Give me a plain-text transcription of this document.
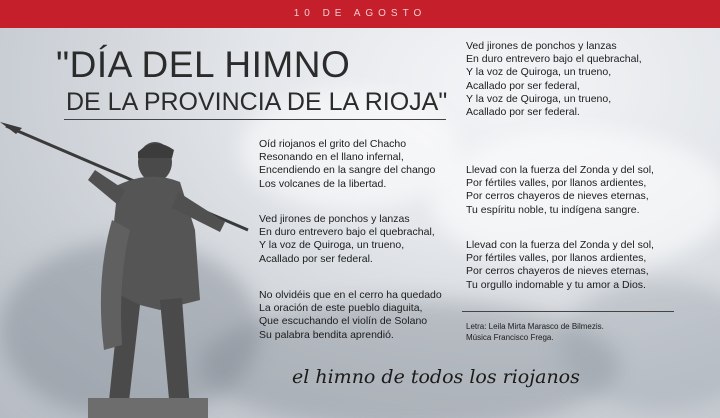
10 DE AGOSTO
"DÍA DEL HIMNO
DE LA PROVINCIA DE LA RIOJA"
Oíd riojanos el grito del Chacho
Resonando en el llano infernal,
Encendiendo en la sangre del chango
Los volcanes de la libertad.
Ved jirones de ponchos y lanzas
En duro entrevero bajo el quebrachal,
Y la voz de Quiroga, un trueno,
Acallado por ser federal.
No olvidéis que en el cerro ha quedado
La oración de este pueblo diaguita,
Que escuchando el violín de Solano
Su palabra bendita aprendió.
Ved jirones de ponchos y lanzas
En duro entrevero bajo el quebrachal,
Y la voz de Quiroga, un trueno,
Acallado por ser federal,
Y la voz de Quiroga, un trueno,
Acallado por ser federal.
Llevad con la fuerza del Zonda y del sol,
Por fértiles valles, por llanos ardientes,
Por cerros chayeros de nieves eternas,
Tu espíritu noble, tu indígena sangre.
Llevad con la fuerza del Zonda y del sol,
Por fértiles valles, por llanos ardientes,
Por cerros chayeros de nieves eternas,
Tu orgullo indomable y tu amor a Dios.
Letra: Leila Mirta Marasco de Bilmezis.
Música Francisco Frega.
el himno de todos los riojanos
